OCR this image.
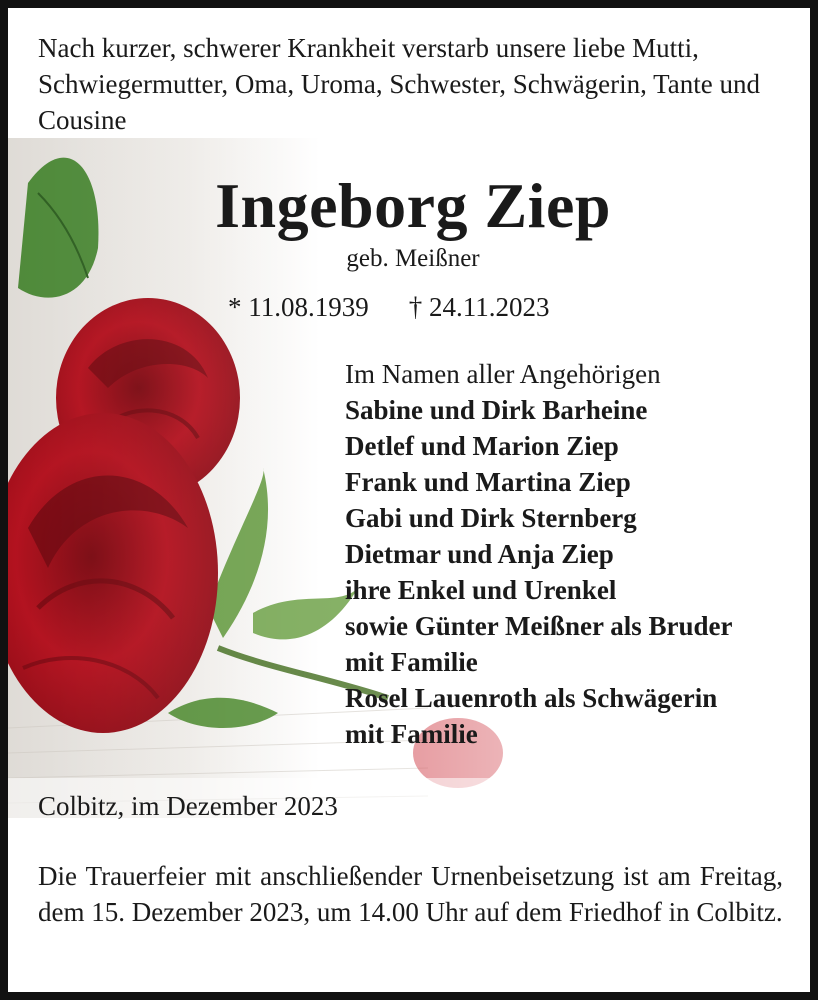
Nach kurzer, schwerer Krankheit verstarb unsere liebe Mutti, Schwiegermutter, Oma, Uroma, Schwester, Schwägerin, Tante und Cousine
Ingeborg Ziep
geb. Meißner
* 11.08.1939 † 24.11.2023
Im Namen aller Angehörigen
Sabine und Dirk Barheine
Detlef und Marion Ziep
Frank und Martina Ziep
Gabi und Dirk Sternberg
Dietmar und Anja Ziep
ihre Enkel und Urenkel
sowie Günter Meißner als Bruder
mit Familie
Rosel Lauenroth als Schwägerin
mit Familie
Colbitz, im Dezember 2023
Die Trauerfeier mit anschließender Urnenbeisetzung ist am Freitag, dem 15. Dezember 2023, um 14.00 Uhr auf dem Friedhof in Colbitz.
